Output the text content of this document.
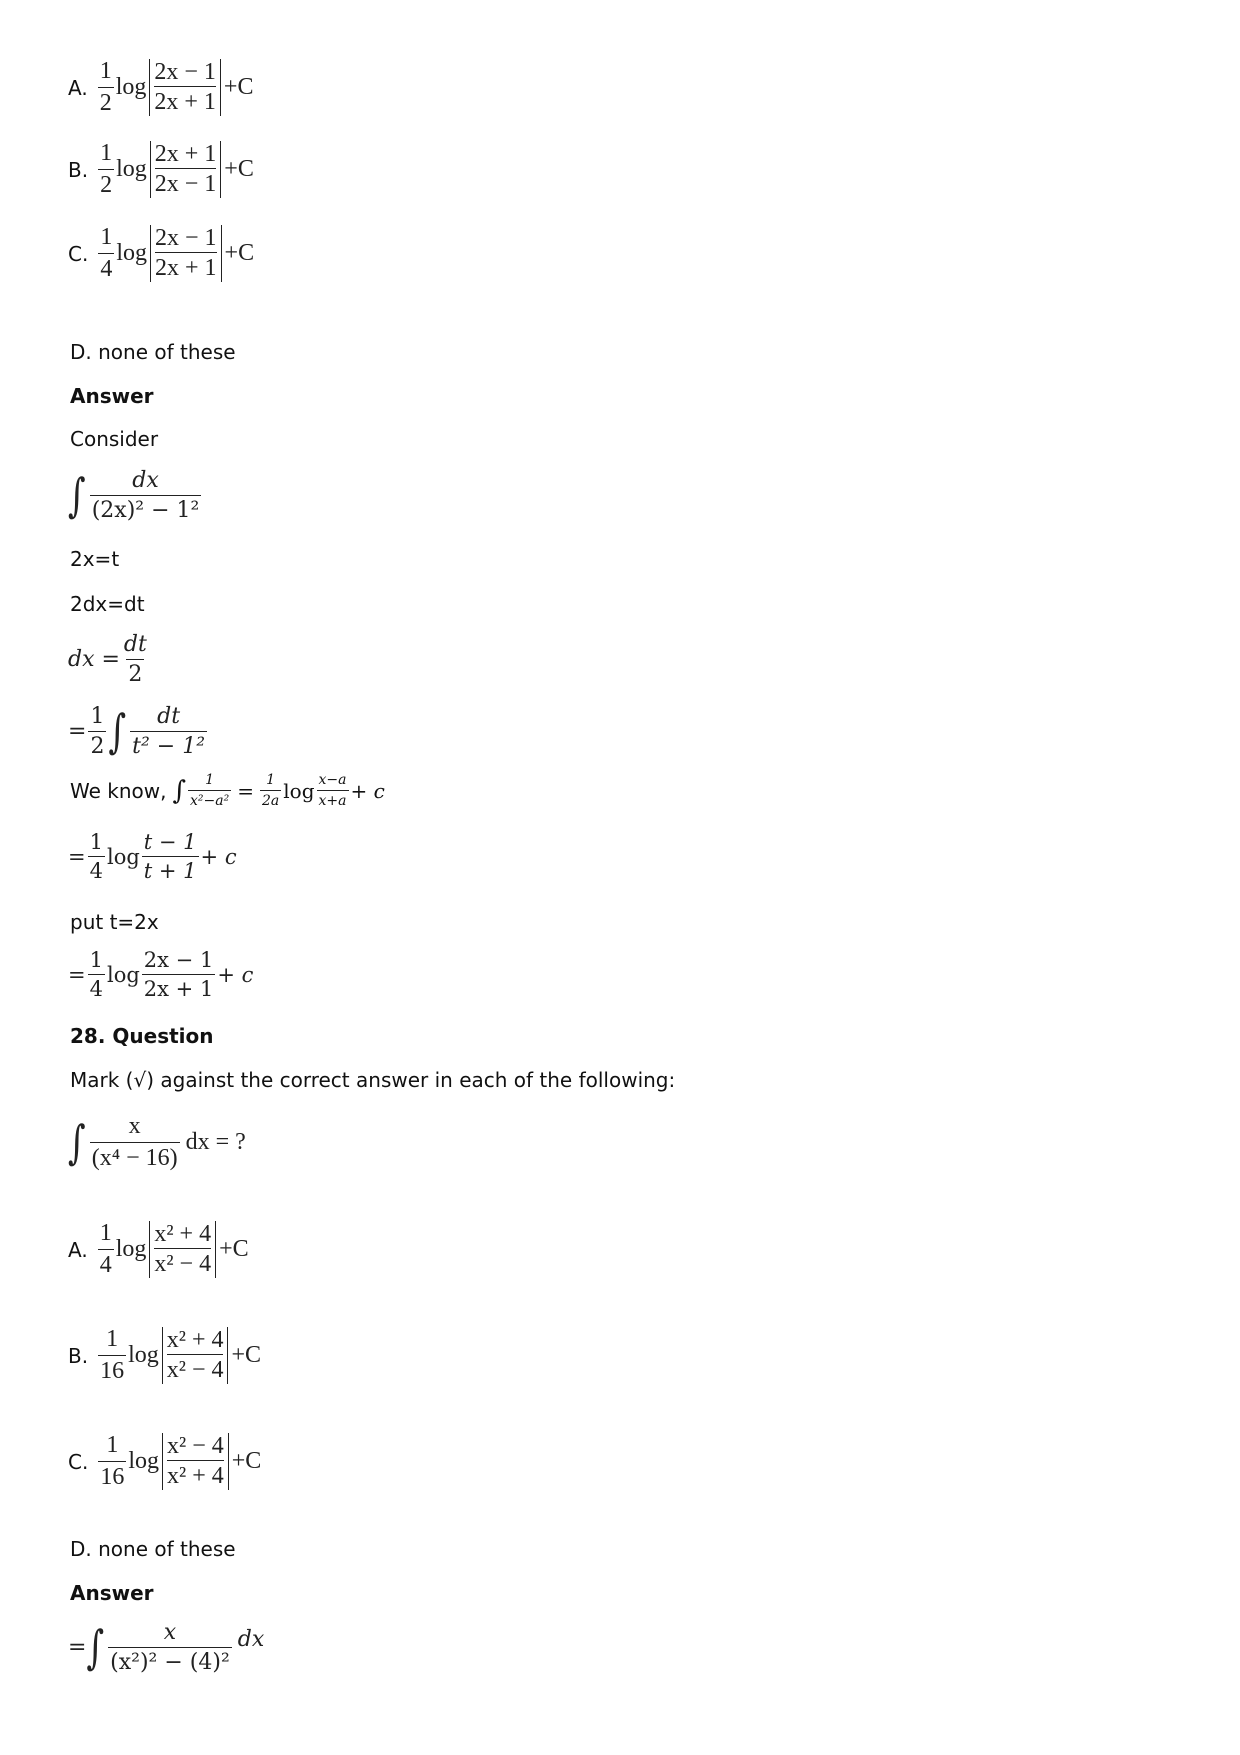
A.
1
2
log
2x − 1
2x + 1
+C
B.
1
2
log
2x + 1
2x − 1
+C
C.
1
4
log
2x − 1
2x + 1
+C
D. none of these
Answer
Consider
∫ dx
(2x)² − 1²
2x=t
2dx=dt
dx = $\frac{dt}{2}$
= $\frac{1}{2}$ ∫ dt
t² − 1²
We know, ∫ $\frac{1}{\text{x²−a²}} = \frac{1}{2a}$ log x−a
x+a + c
= $\frac{1}{4}$ log
t − 1
t + 1
+ c
put t=2x
= $\frac{1}{4}$ log
2x − 1
2x + 1
+ c
28. Question
Mark (√) against the correct answer in each of the following:
∫ x
(x⁴ − 16)
dx = ?
A.
1
4
log
x² + 4
x² − 4
+C
B.
1
16
log
x² + 4
x² − 4
+C
C.
1
16
log
x² − 4
x² + 4
+C
D. none of these
Answer
= ∫	x
(x²)² − (4)²
dx
